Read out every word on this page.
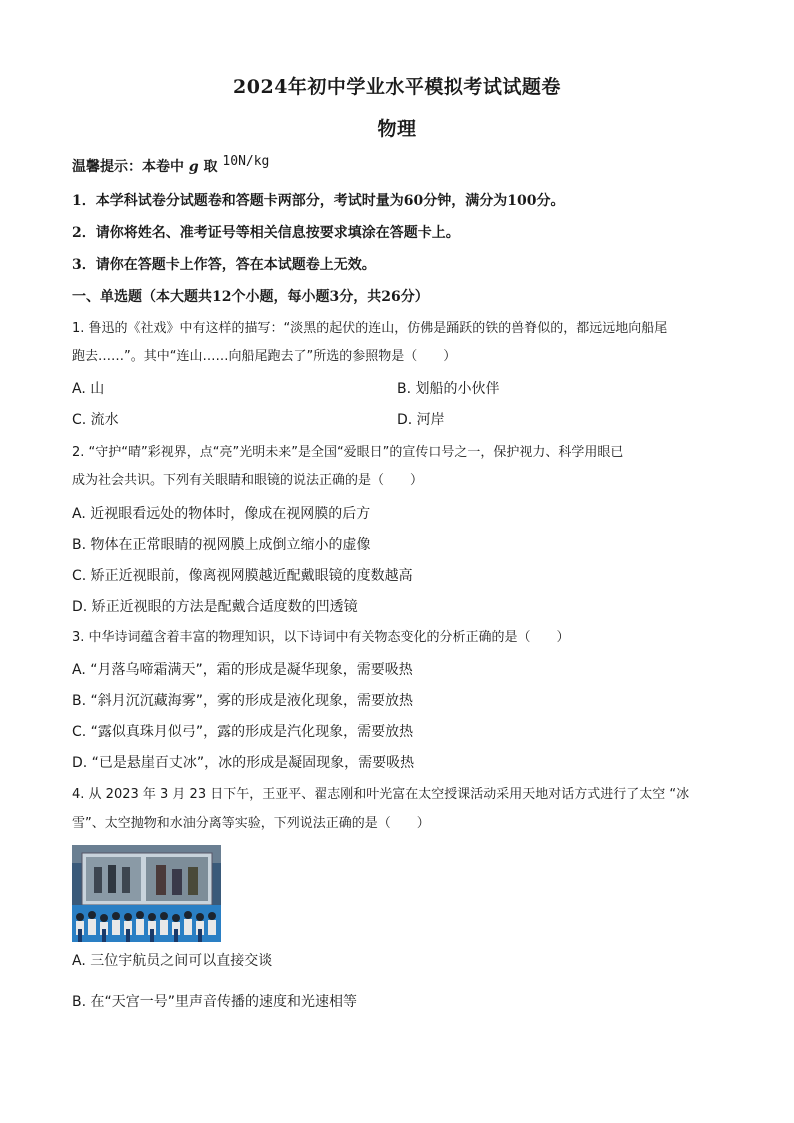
2024年初中学业水平模拟考试试题卷
物理
温馨提示：本卷中 g 取 10N/kg
1．本学科试卷分试题卷和答题卡两部分，考试时量为60分钟，满分为100分。
2．请你将姓名、准考证号等相关信息按要求填涂在答题卡上。
3．请你在答题卡上作答，答在本试题卷上无效。
一、单选题（本大题共12个小题，每小题3分，共26分）
1. 鲁迅的《社戏》中有这样的描写：“淡黑的起伏的连山，仿佛是踊跃的铁的兽脊似的，都远远地向船尾
跑去……”。其中“连山……向船尾跑去了”所选的参照物是（　　）
A. 山	B. 划船的小伙伴
C. 流水	D. 河岸
2. “守护“晴”彩视界，点“亮”光明未来”是全国“爱眼日”的宣传口号之一，保护视力、科学用眼已
成为社会共识。下列有关眼睛和眼镜的说法正确的是（　　）
A. 近视眼看远处的物体时，像成在视网膜的后方
B. 物体在正常眼睛的视网膜上成倒立缩小的虚像
C. 矫正近视眼前，像离视网膜越近配戴眼镜的度数越高
D. 矫正近视眼的方法是配戴合适度数的凹透镜
3. 中华诗词蕴含着丰富的物理知识，以下诗词中有关物态变化的分析正确的是（　　）
A. “月落乌啼霜满天”，霜的形成是凝华现象，需要吸热
B. “斜月沉沉藏海雾”，雾的形成是液化现象，需要放热
C. “露似真珠月似弓”，露的形成是汽化现象，需要放热
D. “已是悬崖百丈冰”，冰的形成是凝固现象，需要吸热
4. 从 2023 年 3 月 23 日下午，王亚平、翟志刚和叶光富在太空授课活动采用天地对话方式进行了太空 “冰
雪”、太空抛物和水油分离等实验，下列说法正确的是（　　）
A. 三位宇航员之间可以直接交谈
B. 在“天宫一号”里声音传播的速度和光速相等
